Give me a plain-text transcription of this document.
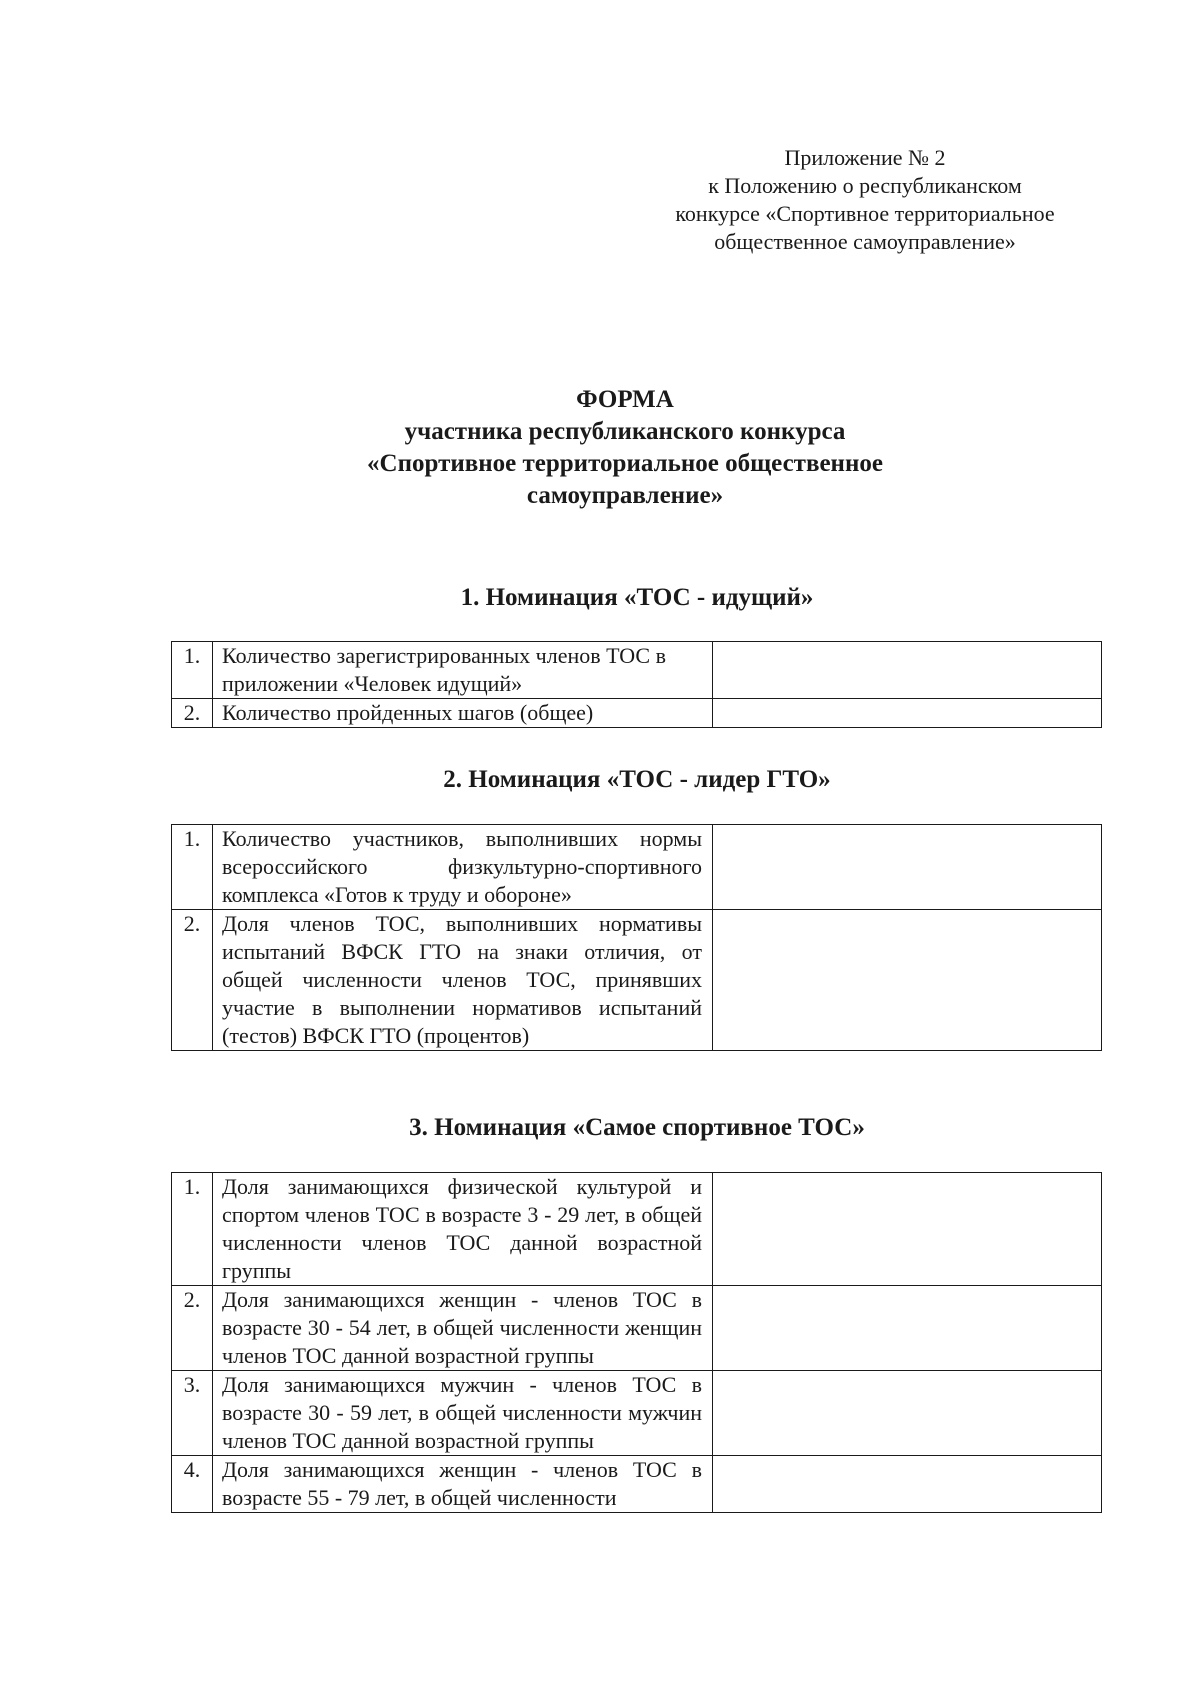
Приложение № 2
к Положению о республиканском
конкурсе «Спортивное территориальное
общественное самоуправление»
ФОРМА
участника республиканского конкурса
«Спортивное территориальное общественное
самоуправление»
1. Номинация «ТОС - идущий»
1.	Количество зарегистрированных членов ТОС в приложении «Человек идущий»	
2.	Количество пройденных шагов (общее)	
2. Номинация «ТОС - лидер ГТО»
1.	Количество участников, выполнивших нормы всероссийского физкультурно-спортивного комплекса «Готов к труду и обороне»	
2.	Доля членов ТОС, выполнивших нормативы испытаний ВФСК ГТО на знаки отличия, от общей численности членов ТОС, принявших участие в выполнении нормативов испытаний (тестов) ВФСК ГТО (процентов)	
3. Номинация «Самое спортивное ТОС»
1.	Доля занимающихся физической культурой и спортом членов ТОС в возрасте 3 - 29 лет, в общей численности членов ТОС данной возрастной группы	
2.	Доля занимающихся женщин - членов ТОС в возрасте 30 - 54 лет, в общей численности женщин членов ТОС данной возрастной группы	
3.	Доля занимающихся мужчин - членов ТОС в возрасте 30 - 59 лет, в общей численности мужчин членов ТОС данной возрастной группы	
4.	Доля занимающихся женщин - членов ТОС в возрасте 55 - 79 лет, в общей численности	
